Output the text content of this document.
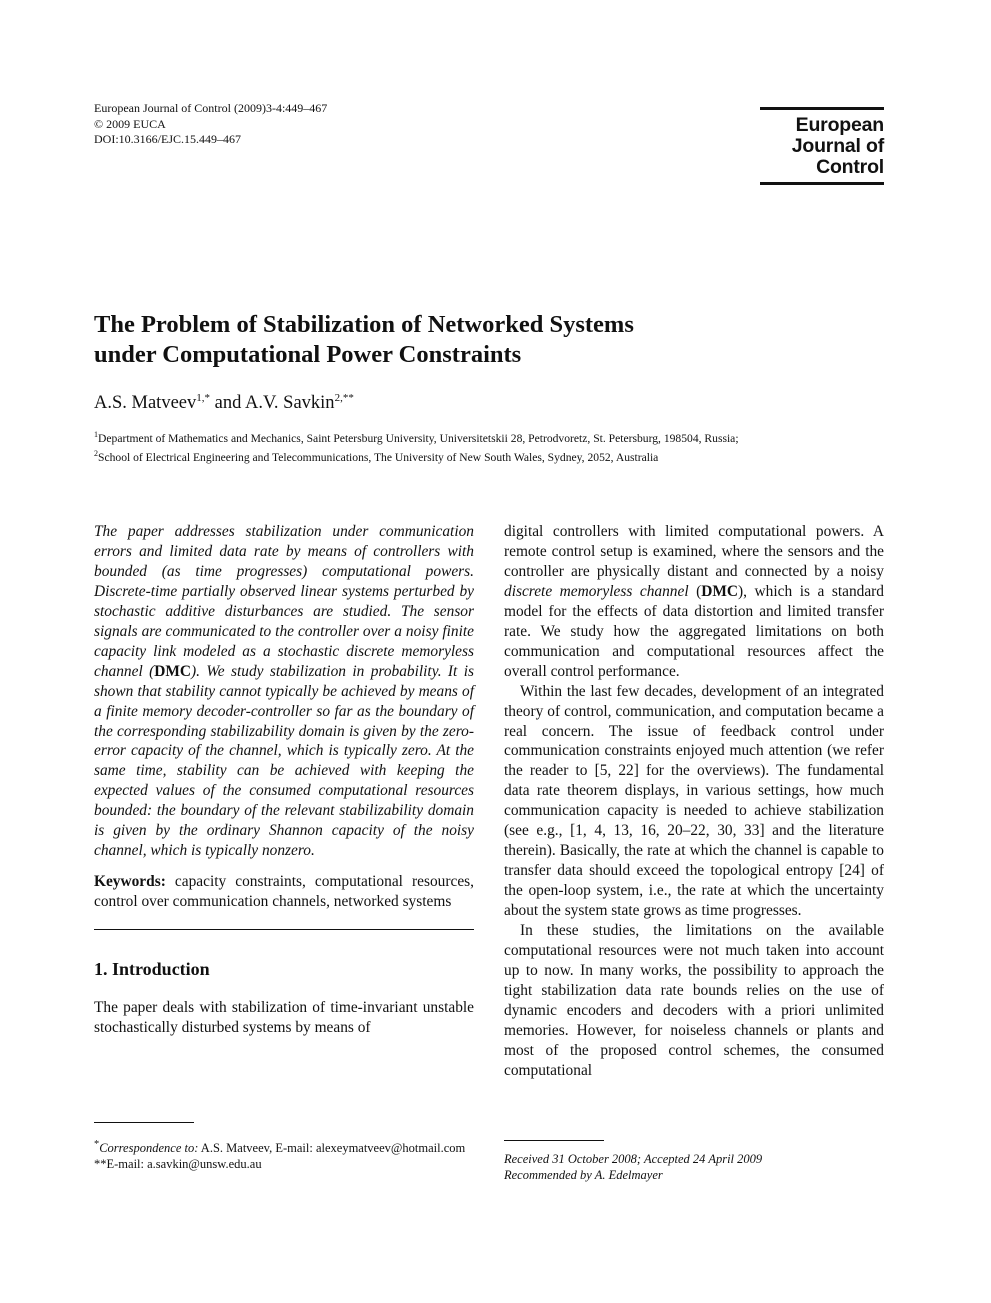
European Journal of Control (2009)3-4:449–467
© 2009 EUCA
DOI:10.3166/EJC.15.449–467
European
Journal of
Control
The Problem of Stabilization of Networked Systems
under Computational Power Constraints
A.S. Matveev$^{1,*}$ and A.V. Savkin$^{2,**}$
$^1$Department of Mathematics and Mechanics, Saint Petersburg University, Universitetskii 28, Petrodvoretz, St. Petersburg, 198504, Russia;
$^2$School of Electrical Engineering and Telecommunications, The University of New South Wales, Sydney, 2052, Australia

The paper addresses stabilization under communication errors and limited data rate by means of controllers with bounded (as time progresses) computational powers. Discrete-time partially observed linear systems perturbed by stochastic additive disturbances are studied. The sensor signals are communicated to the controller over a noisy finite capacity link modeled as a stochastic discrete memoryless channel (DMC). We study stabilization in probability. It is shown that stability cannot typically be achieved by means of a finite memory decoder-controller so far as the boundary of the corresponding stabilizability domain is given by the zero-error capacity of the channel, which is typically zero. At the same time, stability can be achieved with keeping the expected values of the consumed computational resources bounded: the boundary of the relevant stabilizability domain is given by the ordinary Shannon capacity of the noisy channel, which is typically nonzero.

Keywords: capacity constraints, computational resources, control over communication channels, networked systems

1. Introduction

The paper deals with stabilization of time-invariant unstable stochastically disturbed systems by means of

digital controllers with limited computational powers. A remote control setup is examined, where the sensors and the controller are physically distant and connected by a noisy discrete memoryless channel (DMC), which is a standard model for the effects of data distortion and limited transfer rate. We study how the aggregated limitations on both communication and computational resources affect the overall control performance.

Within the last few decades, development of an integrated theory of control, communication, and computation became a real concern. The issue of feedback control under communication constraints enjoyed much attention (we refer the reader to [5, 22] for the overviews). The fundamental data rate theorem displays, in various settings, how much communication capacity is needed to achieve stabilization (see e.g., [1, 4, 13, 16, 20–22, 30, 33] and the literature therein). Basically, the rate at which the channel is capable to transfer data should exceed the topological entropy [24] of the open-loop system, i.e., the rate at which the uncertainty about the system state grows as time progresses.

In these studies, the limitations on the available computational resources were not much taken into account up to now. In many works, the possibility to approach the tight stabilization data rate bounds relies on the use of dynamic encoders and decoders with a priori unlimited memories. However, for noiseless channels or plants and most of the proposed control schemes, the consumed computational

*Correspondence to: A.S. Matveev, E-mail: alexeymatveev@hotmail.com
**E-mail: a.savkin@unsw.edu.au	Received 31 October 2008; Accepted 24 April 2009
Recommended by A. Edelmayer
